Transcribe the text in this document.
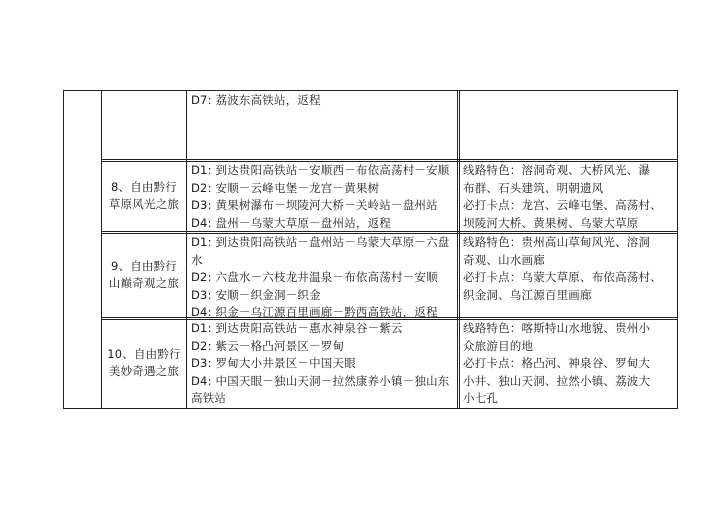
D7: 荔波东高铁站，返程
8、自由黔行
草原风光之旅
D1: 到达贵阳高铁站－安顺西－布依高荡村－安顺
D2: 安顺－云峰屯堡－龙宫－黄果树
D3: 黄果树瀑布－坝陵河大桥－关岭站－盘州站
D4: 盘州－乌蒙大草原－盘州站，返程
线路特色：溶洞奇观、大桥风光、瀑
布群、石头建筑、明朝遗风
必打卡点：龙宫、云峰屯堡、高荡村、
坝陵河大桥、黄果树、乌蒙大草原
9、自由黔行
山巅奇观之旅
D1: 到达贵阳高铁站－盘州站－乌蒙大草原－六盘
水
D2: 六盘水－六枝龙井温泉－布依高荡村－安顺
D3: 安顺－织金洞－织金
D4: 织金－乌江源百里画廊－黔西高铁站，返程
线路特色：贵州高山草甸风光、溶洞
奇观、山水画廊
必打卡点：乌蒙大草原、布依高荡村、
织金洞、乌江源百里画廊
10、自由黔行
美妙奇遇之旅
D1: 到达贵阳高铁站－惠水神泉谷－紫云
D2: 紫云－格凸河景区－罗甸
D3: 罗甸大小井景区－中国天眼
D4: 中国天眼－独山天洞－拉然康养小镇－独山东
高铁站
线路特色：喀斯特山水地貌、贵州小
众旅游目的地
必打卡点：格凸河、神泉谷、罗甸大
小井、独山天洞、拉然小镇、荔波大
小七孔
